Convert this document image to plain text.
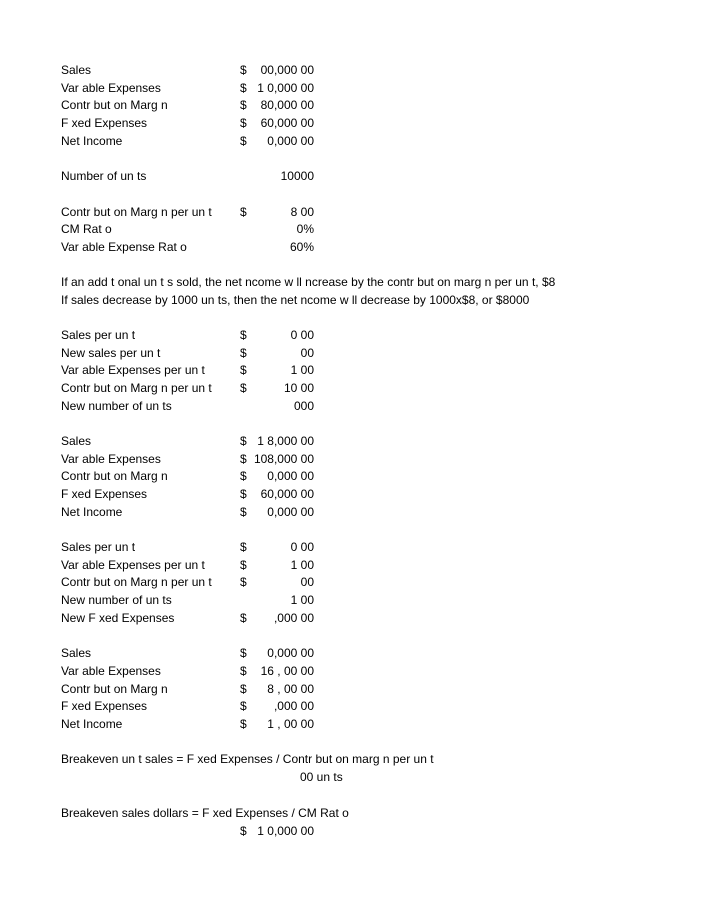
Sales	$ 00,000 00
Var able Expenses	$ 1 0,000 00
Contr but on Marg n	$ 80,000 00
F xed Expenses	$ 60,000 00
Net Income	$ 0,000 00
Number of un ts	10000
Contr but on Marg n per un t $	8 00
CM Rat o	0%
Var able Expense Rat o	60%
If an add t onal un t s sold, the net ncome w ll ncrease by the contr but on marg n per un t, $8
If sales decrease by 1000 un ts, then the net ncome w ll decrease by 1000x$8, or $8000
Sales per un t	$	0 00
New sales per un t	$	00
Var able Expenses per un t	$	1 00
Contr but on Marg n per un t $	10 00
New number of un ts	000
Sales	$ 1 8,000 00
Var able Expenses	$ 108,000 00
Contr but on Marg n	$ 0,000 00
F xed Expenses	$ 60,000 00
Net Income	$ 0,000 00
Sales per un t	$	0 00
Var able Expenses per un t	$	1 00
Contr but on Marg n per un t $	00
New number of un ts	1 00
New F xed Expenses	$ ,000 00
Sales	$ 0,000 00
Var able Expenses	$ 16 , 00 00
Contr but on Marg n	$ 8 , 00 00
F xed Expenses	$ ,000 00
Net Income	$ 1 , 00 00
Breakeven un t sales = F xed Expenses / Contr but on marg n per un t
00 un ts
Breakeven sales dollars = F xed Expenses / CM Rat o
$ 1 0,000 00
